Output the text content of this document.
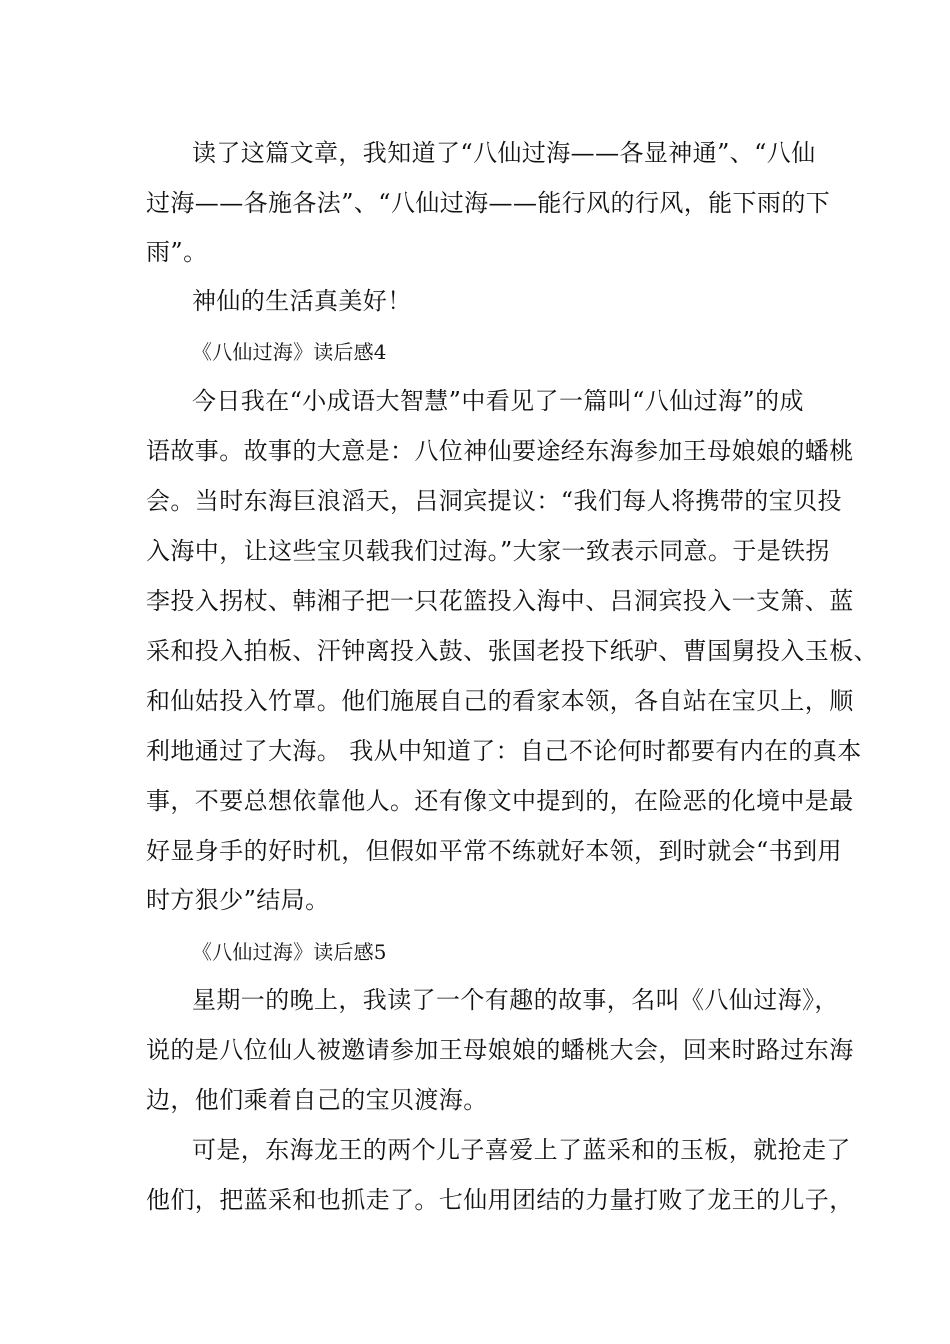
读了这篇文章，我知道了“八仙过海——各显神通”、“八仙
过海——各施各法”、“八仙过海——能行风的行风，能下雨的下
雨”。
神仙的生活真美好！
《八仙过海》读后感4
今日我在“小成语大智慧”中看见了一篇叫“八仙过海”的成
语故事。故事的大意是：八位神仙要途经东海参加王母娘娘的蟠桃
会。当时东海巨浪滔天，吕洞宾提议：“我们每人将携带的宝贝投
入海中，让这些宝贝载我们过海。”大家一致表示同意。于是铁拐
李投入拐杖、韩湘子把一只花篮投入海中、吕洞宾投入一支箫、蓝
采和投入拍板、汗钟离投入鼓、张国老投下纸驴、曹国舅投入玉板、
和仙姑投入竹罩。他们施展自己的看家本领，各自站在宝贝上，顺
利地通过了大海。 我从中知道了：自己不论何时都要有内在的真本
事，不要总想依靠他人。还有像文中提到的，在险恶的化境中是最
好显身手的好时机，但假如平常不练就好本领，到时就会“书到用
时方狠少”结局。
《八仙过海》读后感5
星期一的晚上，我读了一个有趣的故事，名叫《八仙过海》，
说的是八位仙人被邀请参加王母娘娘的蟠桃大会，回来时路过东海
边，他们乘着自己的宝贝渡海。
可是，东海龙王的两个儿子喜爱上了蓝采和的玉板，就抢走了
他们，把蓝采和也抓走了。七仙用团结的力量打败了龙王的儿子，
